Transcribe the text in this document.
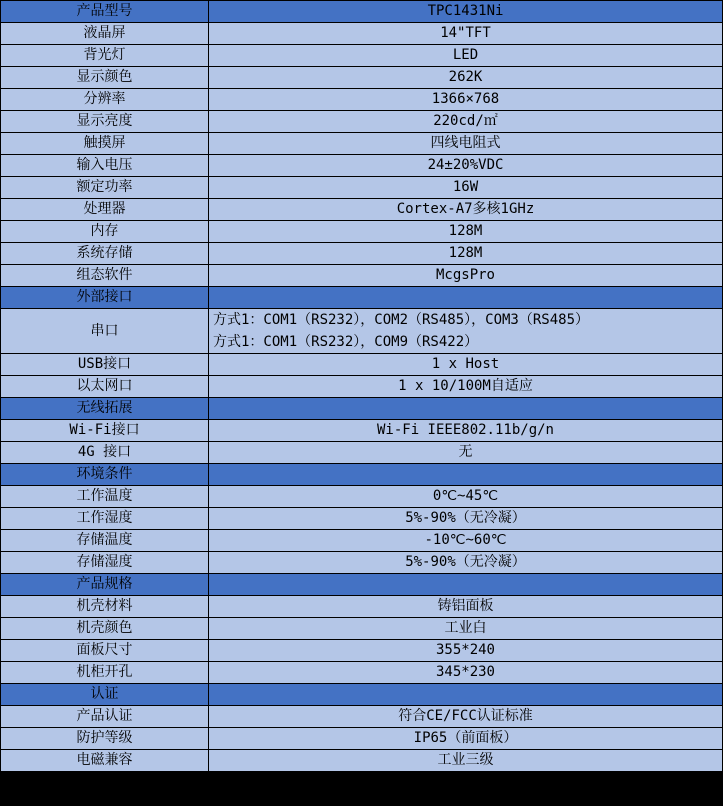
产品型号	TPC1431Ni
液晶屏	14"TFT
背光灯	LED
显示颜色	262K
分辨率	1366×768
显示亮度	220cd/㎡
触摸屏	四线电阻式
输入电压	24±20%VDC
额定功率	16W
处理器	Cortex-A7多核1GHz
内存	128M
系统存储	128M
组态软件	McgsPro
外部接口	
串口	方式1：COM1（RS232），COM2（RS485），COM3（RS485）
方式1：COM1（RS232），COM9（RS422）

USB接口	1 x Host
以太网口	1 x 10/100M自适应
无线拓展	
Wi-Fi接口	Wi-Fi IEEE802.11b/g/n
4G 接口	无
环境条件	
工作温度	0℃~45℃
工作湿度	5%-90%（无冷凝）
存储温度	-10℃~60℃
存储湿度	5%-90%（无冷凝）
产品规格	
机壳材料	铸铝面板
机壳颜色	工业白
面板尺寸	355*240
机柜开孔	345*230
认证	
产品认证	符合CE/FCC认证标准
防护等级	IP65（前面板）
电磁兼容	工业三级
